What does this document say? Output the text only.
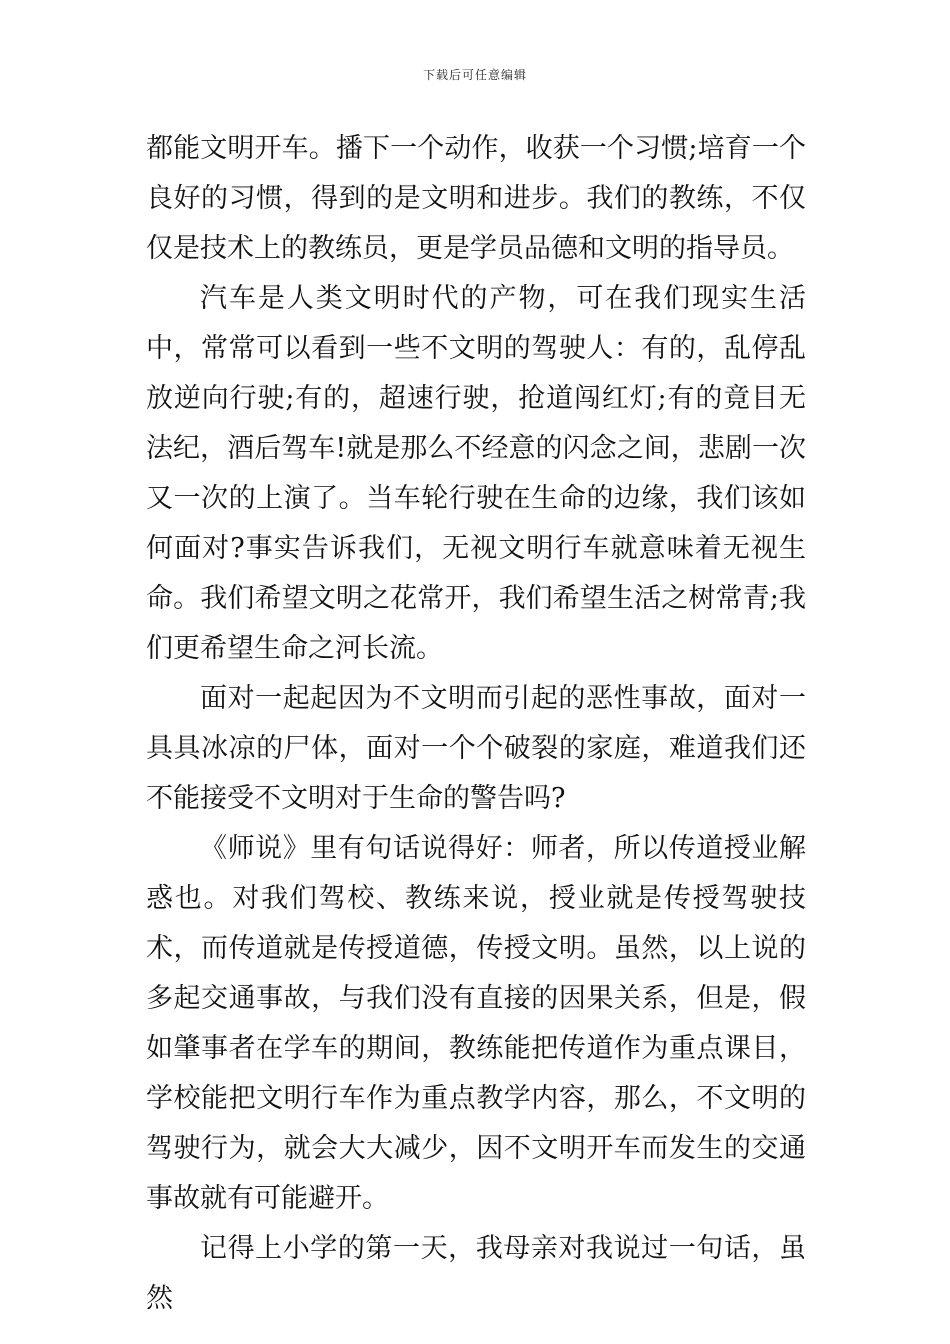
下载后可任意编辑

都能文明开车。播下一个动作，收获一个习惯;培育一个良好的习惯，得到的是文明和进步。我们的教练，不仅仅是技术上的教练员，更是学员品德和文明的指导员。

汽车是人类文明时代的产物，可在我们现实生活中，常常可以看到一些不文明的驾驶人：有的，乱停乱放逆向行驶;有的，超速行驶，抢道闯红灯;有的竟目无法纪，酒后驾车!就是那么不经意的闪念之间，悲剧一次又一次的上演了。当车轮行驶在生命的边缘，我们该如何面对?事实告诉我们，无视文明行车就意味着无视生命。我们希望文明之花常开，我们希望生活之树常青;我们更希望生命之河长流。

面对一起起因为不文明而引起的恶性事故，面对一具具冰凉的尸体，面对一个个破裂的家庭，难道我们还不能接受不文明对于生命的警告吗?

《师说》里有句话说得好：师者，所以传道授业解惑也。对我们驾校、教练来说，授业就是传授驾驶技术，而传道就是传授道德，传授文明。虽然，以上说的多起交通事故，与我们没有直接的因果关系，但是，假如肇事者在学车的期间，教练能把传道作为重点课目，学校能把文明行车作为重点教学内容，那么，不文明的驾驶行为，就会大大减少，因不文明开车而发生的交通事故就有可能避开。

记得上小学的第一天，我母亲对我说过一句话，虽然
